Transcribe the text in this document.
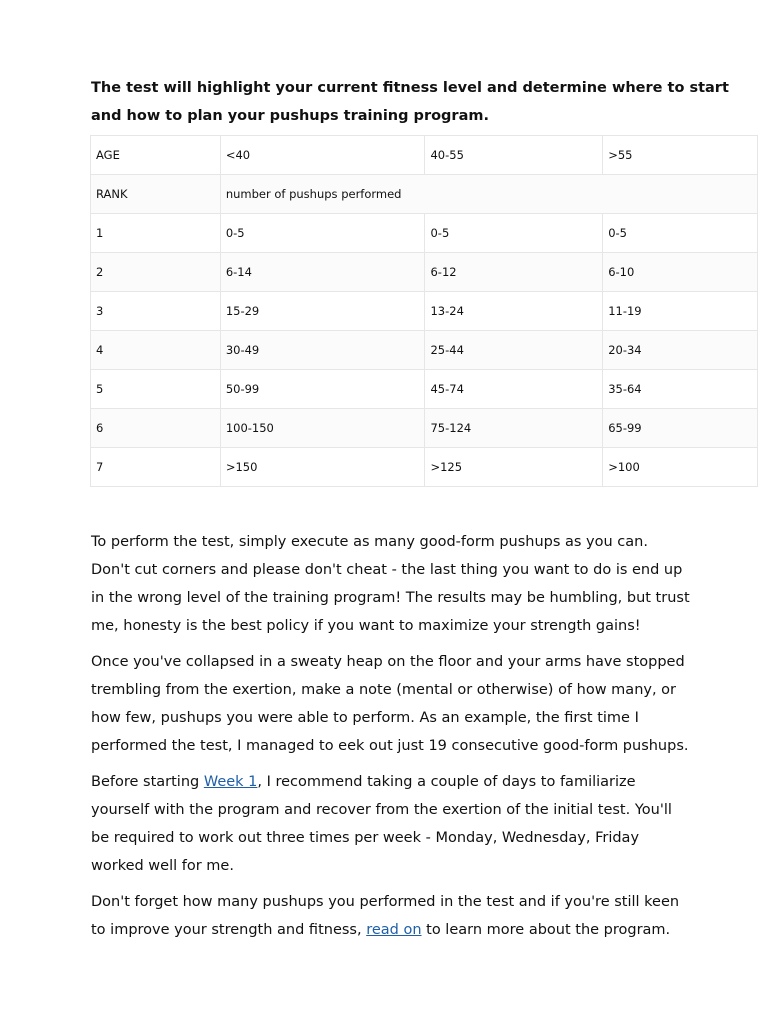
The test will highlight your current fitness level and determine where to start
and how to plan your pushups training program.

AGE	<40	40-55	>55
RANK	number of pushups performed		
1	0-5	0-5	0-5
2	6-14	6-12	6-10
3	15-29	13-24	11-19
4	30-49	25-44	20-34
5	50-99	45-74	35-64
6	100-150	75-124	65-99
7	>150	>125	>100

To perform the test, simply execute as many good-form pushups as you can.
Don't cut corners and please don't cheat - the last thing you want to do is end up
in the wrong level of the training program! The results may be humbling, but trust
me, honesty is the best policy if you want to maximize your strength gains!

Once you've collapsed in a sweaty heap on the floor and your arms have stopped
trembling from the exertion, make a note (mental or otherwise) of how many, or
how few, pushups you were able to perform. As an example, the first time I
performed the test, I managed to eek out just 19 consecutive good-form pushups.

Before starting Week 1, I recommend taking a couple of days to familiarize
yourself with the program and recover from the exertion of the initial test. You'll
be required to work out three times per week - Monday, Wednesday, Friday
worked well for me.

Don't forget how many pushups you performed in the test and if you're still keen
to improve your strength and fitness, read on to learn more about the program.
